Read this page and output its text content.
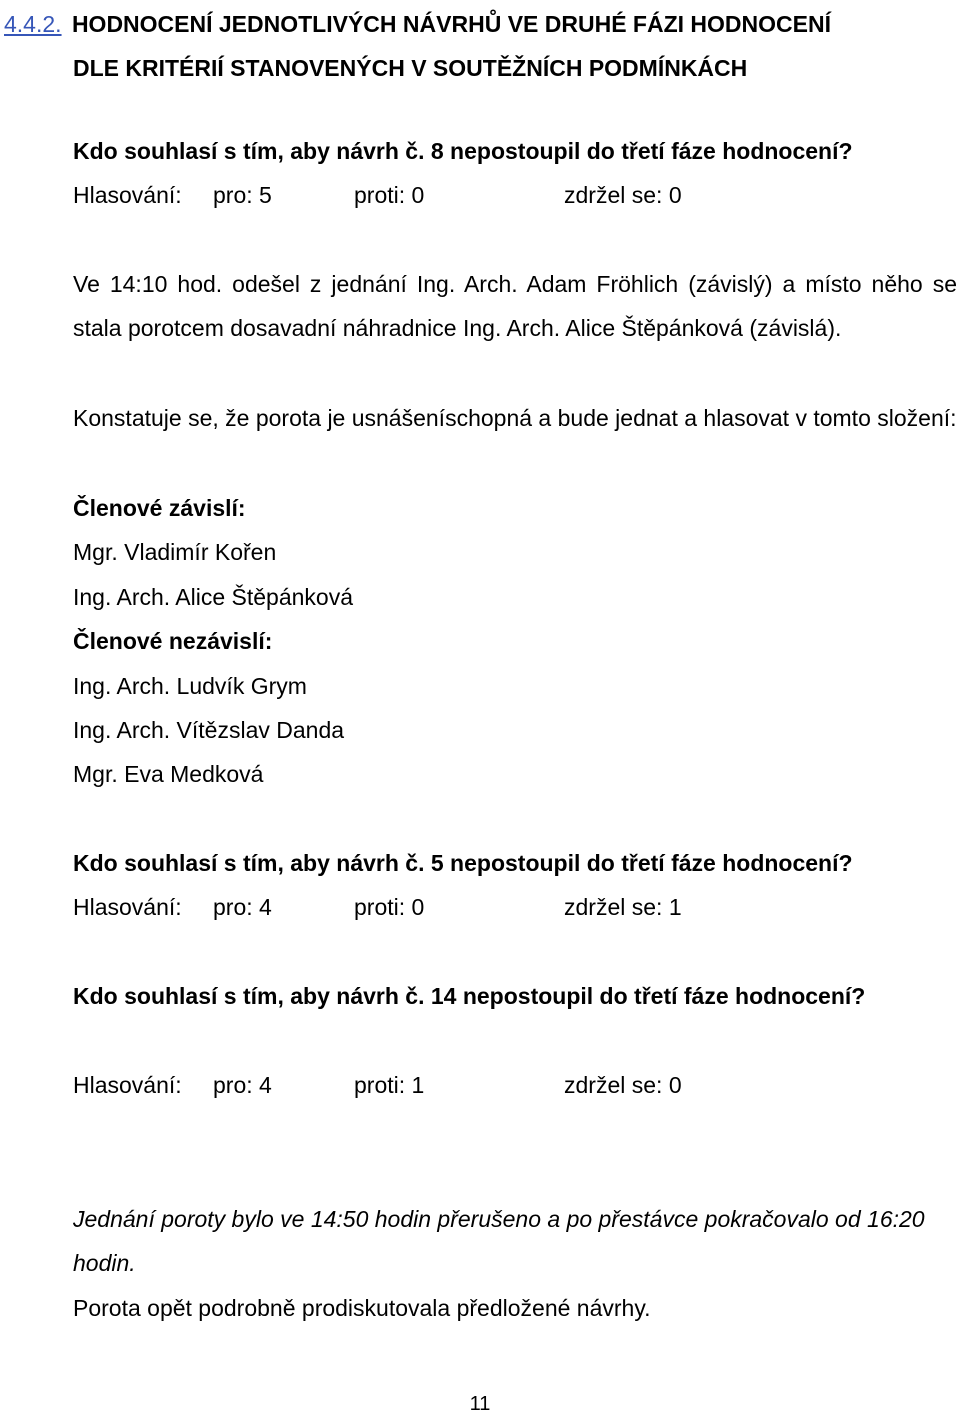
4.4.2. HODNOCENÍ JEDNOTLIVÝCH NÁVRHŮ VE DRUHÉ FÁZI HODNOCENÍ
DLE KRITÉRIÍ STANOVENÝCH V SOUTĚŽNÍCH PODMÍNKÁCH
Kdo souhlasí s tím, aby návrh č. 8 nepostoupil do třetí fáze hodnocení?
Hlasování: pro: 5	proti: 0	zdržel se: 0
Ve 14:10 hod. odešel z jednání Ing. Arch. Adam Fröhlich (závislý) a místo něho se stala porotcem dosavadní náhradnice Ing. Arch. Alice Štěpánková (závislá).
Konstatuje se, že porota je usnášeníschopná a bude jednat a hlasovat v tomto složení:
Členové závislí:
Mgr. Vladimír Kořen
Ing. Arch. Alice Štěpánková
Členové nezávislí:
Ing. Arch. Ludvík Grym
Ing. Arch. Vítězslav Danda
Mgr. Eva Medková
Kdo souhlasí s tím, aby návrh č. 5 nepostoupil do třetí fáze hodnocení?
Hlasování: pro: 4	proti: 0	zdržel se: 1
Kdo souhlasí s tím, aby návrh č. 14 nepostoupil do třetí fáze hodnocení?
Hlasování: pro: 4	proti: 1	zdržel se: 0
Jednání poroty bylo ve 14:50 hodin přerušeno a po přestávce pokračovalo od 16:20 hodin.
Porota opět podrobně prodiskutovala předložené návrhy.
11
